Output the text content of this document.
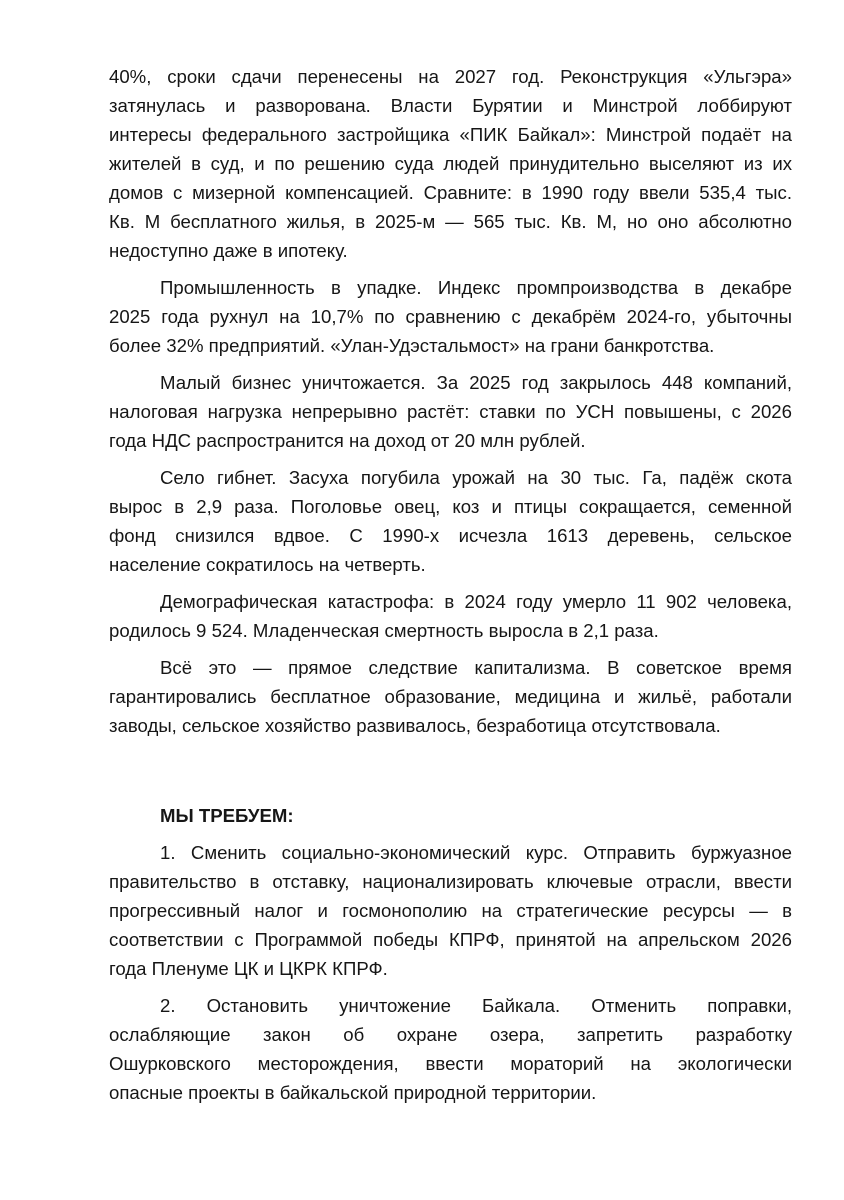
40%, сроки сдачи перенесены на 2027 год. Реконструкция «Ульгэра»
затянулась и разворована. Власти Бурятии и Минстрой лоббируют
интересы федерального застройщика «ПИК Байкал»: Минстрой подаёт на
жителей в суд, и по решению суда людей принудительно выселяют из их
домов с мизерной компенсацией. Сравните: в 1990 году ввели 535,4 тыс.
Кв. М бесплатного жилья, в 2025-м — 565 тыс. Кв. М, но оно абсолютно
недоступно даже в ипотеку.
Промышленность в упадке. Индекс промпроизводства в декабре
2025 года рухнул на 10,7% по сравнению с декабрём 2024-го, убыточны
более 32% предприятий. «Улан-Удэстальмост» на грани банкротства.
Малый бизнес уничтожается. За 2025 год закрылось 448 компаний,
налоговая нагрузка непрерывно растёт: ставки по УСН повышены, с 2026
года НДС распространится на доход от 20 млн рублей.
Село гибнет. Засуха погубила урожай на 30 тыс. Га, падёж скота
вырос в 2,9 раза. Поголовье овец, коз и птицы сокращается, семенной
фонд снизился вдвое. С 1990-х исчезла 1613 деревень, сельское
население сократилось на четверть.
Демографическая катастрофа: в 2024 году умерло 11 902 человека,
родилось 9 524. Младенческая смертность выросла в 2,1 раза.
Всё это — прямое следствие капитализма. В советское время
гарантировались бесплатное образование, медицина и жильё, работали
заводы, сельское хозяйство развивалось, безработица отсутствовала.
МЫ ТРЕБУЕМ:
1. Сменить социально-экономический курс. Отправить буржуазное
правительство в отставку, национализировать ключевые отрасли, ввести
прогрессивный налог и госмонополию на стратегические ресурсы — в
соответствии с Программой победы КПРФ, принятой на апрельском 2026
года Пленуме ЦК и ЦКРК КПРФ.
2. Остановить уничтожение Байкала. Отменить поправки,
ослабляющие закон об охране озера, запретить разработку
Ошурковского месторождения, ввести мораторий на экологически
опасные проекты в байкальской природной территории.
